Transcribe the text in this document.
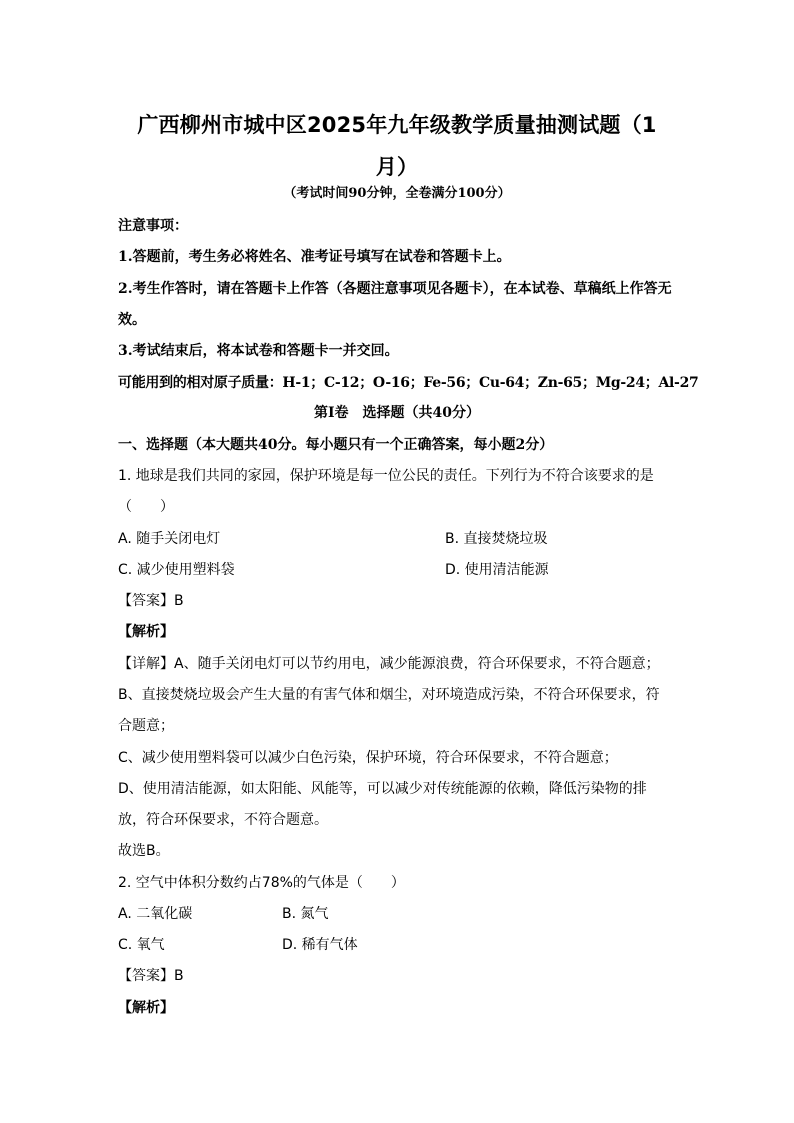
广西柳州市城中区2025年九年级教学质量抽测试题（1
月）
（考试时间90分钟，全卷满分100分）
注意事项：
1.答题前，考生务必将姓名、准考证号填写在试卷和答题卡上。
2.考生作答时，请在答题卡上作答（各题注意事项见各题卡），在本试卷、草稿纸上作答无
效。
3.考试结束后，将本试卷和答题卡一并交回。
可能用到的相对原子质量：H-1；C-12；O-16；Fe-56；Cu-64；Zn-65；Mg-24；Al-27
第Ⅰ卷　选择题（共40分）
一、选择题（本大题共40分。每小题只有一个正确答案，每小题2分）
1. 地球是我们共同的家园，保护环境是每一位公民的责任。下列行为不符合该要求的是
（　　）
A. 随手关闭电灯	B. 直接焚烧垃圾
C. 减少使用塑料袋	D. 使用清洁能源
【答案】B
【解析】
【详解】A、随手关闭电灯可以节约用电，减少能源浪费，符合环保要求，不符合题意；
B、直接焚烧垃圾会产生大量的有害气体和烟尘，对环境造成污染，不符合环保要求，符
合题意；
C、减少使用塑料袋可以减少白色污染，保护环境，符合环保要求，不符合题意；
D、使用清洁能源，如太阳能、风能等，可以减少对传统能源的依赖，降低污染物的排
放，符合环保要求，不符合题意。
故选B。
2. 空气中体积分数约占78%的气体是（　　）
A. 二氧化碳	B. 氮气
C. 氧气	D. 稀有气体
【答案】B
【解析】
